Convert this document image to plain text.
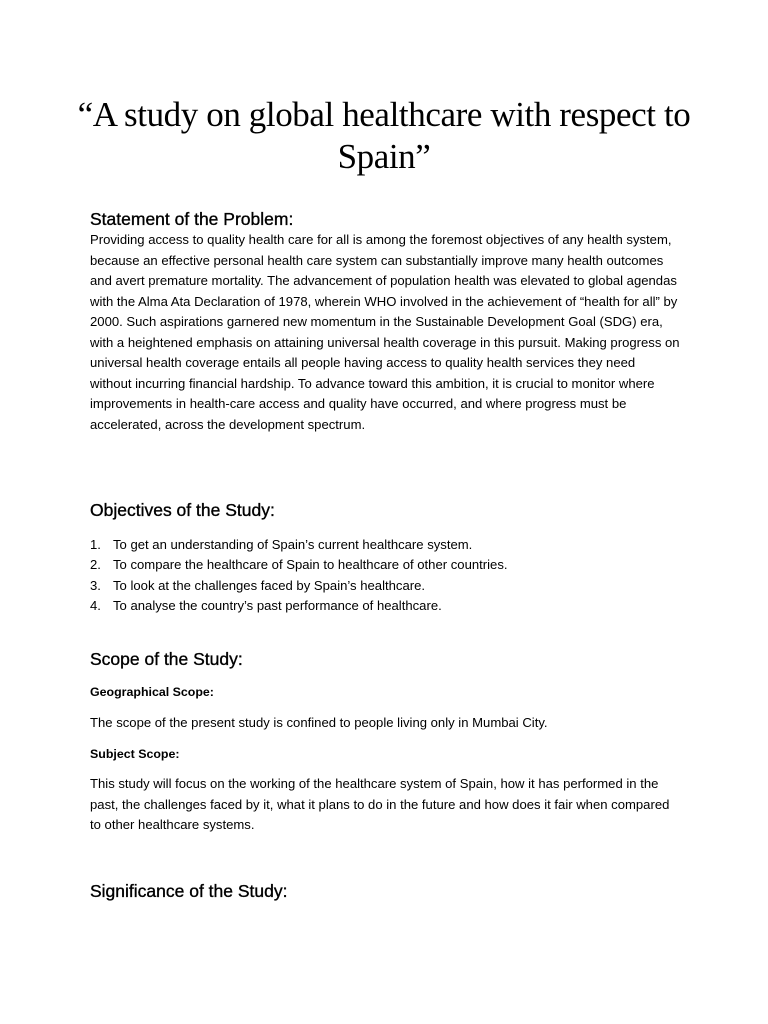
“A study on global healthcare with respect to Spain”
Statement of the Problem:

Providing access to quality health care for all is among the foremost objectives of any health system, because an effective personal health care system can substantially improve many health outcomes and avert premature mortality. The advancement of population health was elevated to global agendas with the Alma Ata Declaration of 1978, wherein WHO involved in the achievement of “health for all” by 2000. Such aspirations garnered new momentum in the Sustainable Development Goal (SDG) era, with a heightened emphasis on attaining universal health coverage in this pursuit. Making progress on universal health coverage entails all people having access to quality health services they need without incurring financial hardship. To advance toward this ambition, it is crucial to monitor where improvements in health-care access and quality have occurred, and where progress must be accelerated, across the development spectrum.

Objectives of the Study:
1. To get an understanding of Spain’s current healthcare system.
2. To compare the healthcare of Spain to healthcare of other countries.
3. To look at the challenges faced by Spain’s healthcare.
4. To analyse the country’s past performance of healthcare.
Scope of the Study:
Geographical Scope:

The scope of the present study is confined to people living only in Mumbai City.

Subject Scope:

This study will focus on the working of the healthcare system of Spain, how it has performed in the past, the challenges faced by it, what it plans to do in the future and how does it fair when compared to other healthcare systems.

Significance of the Study:
